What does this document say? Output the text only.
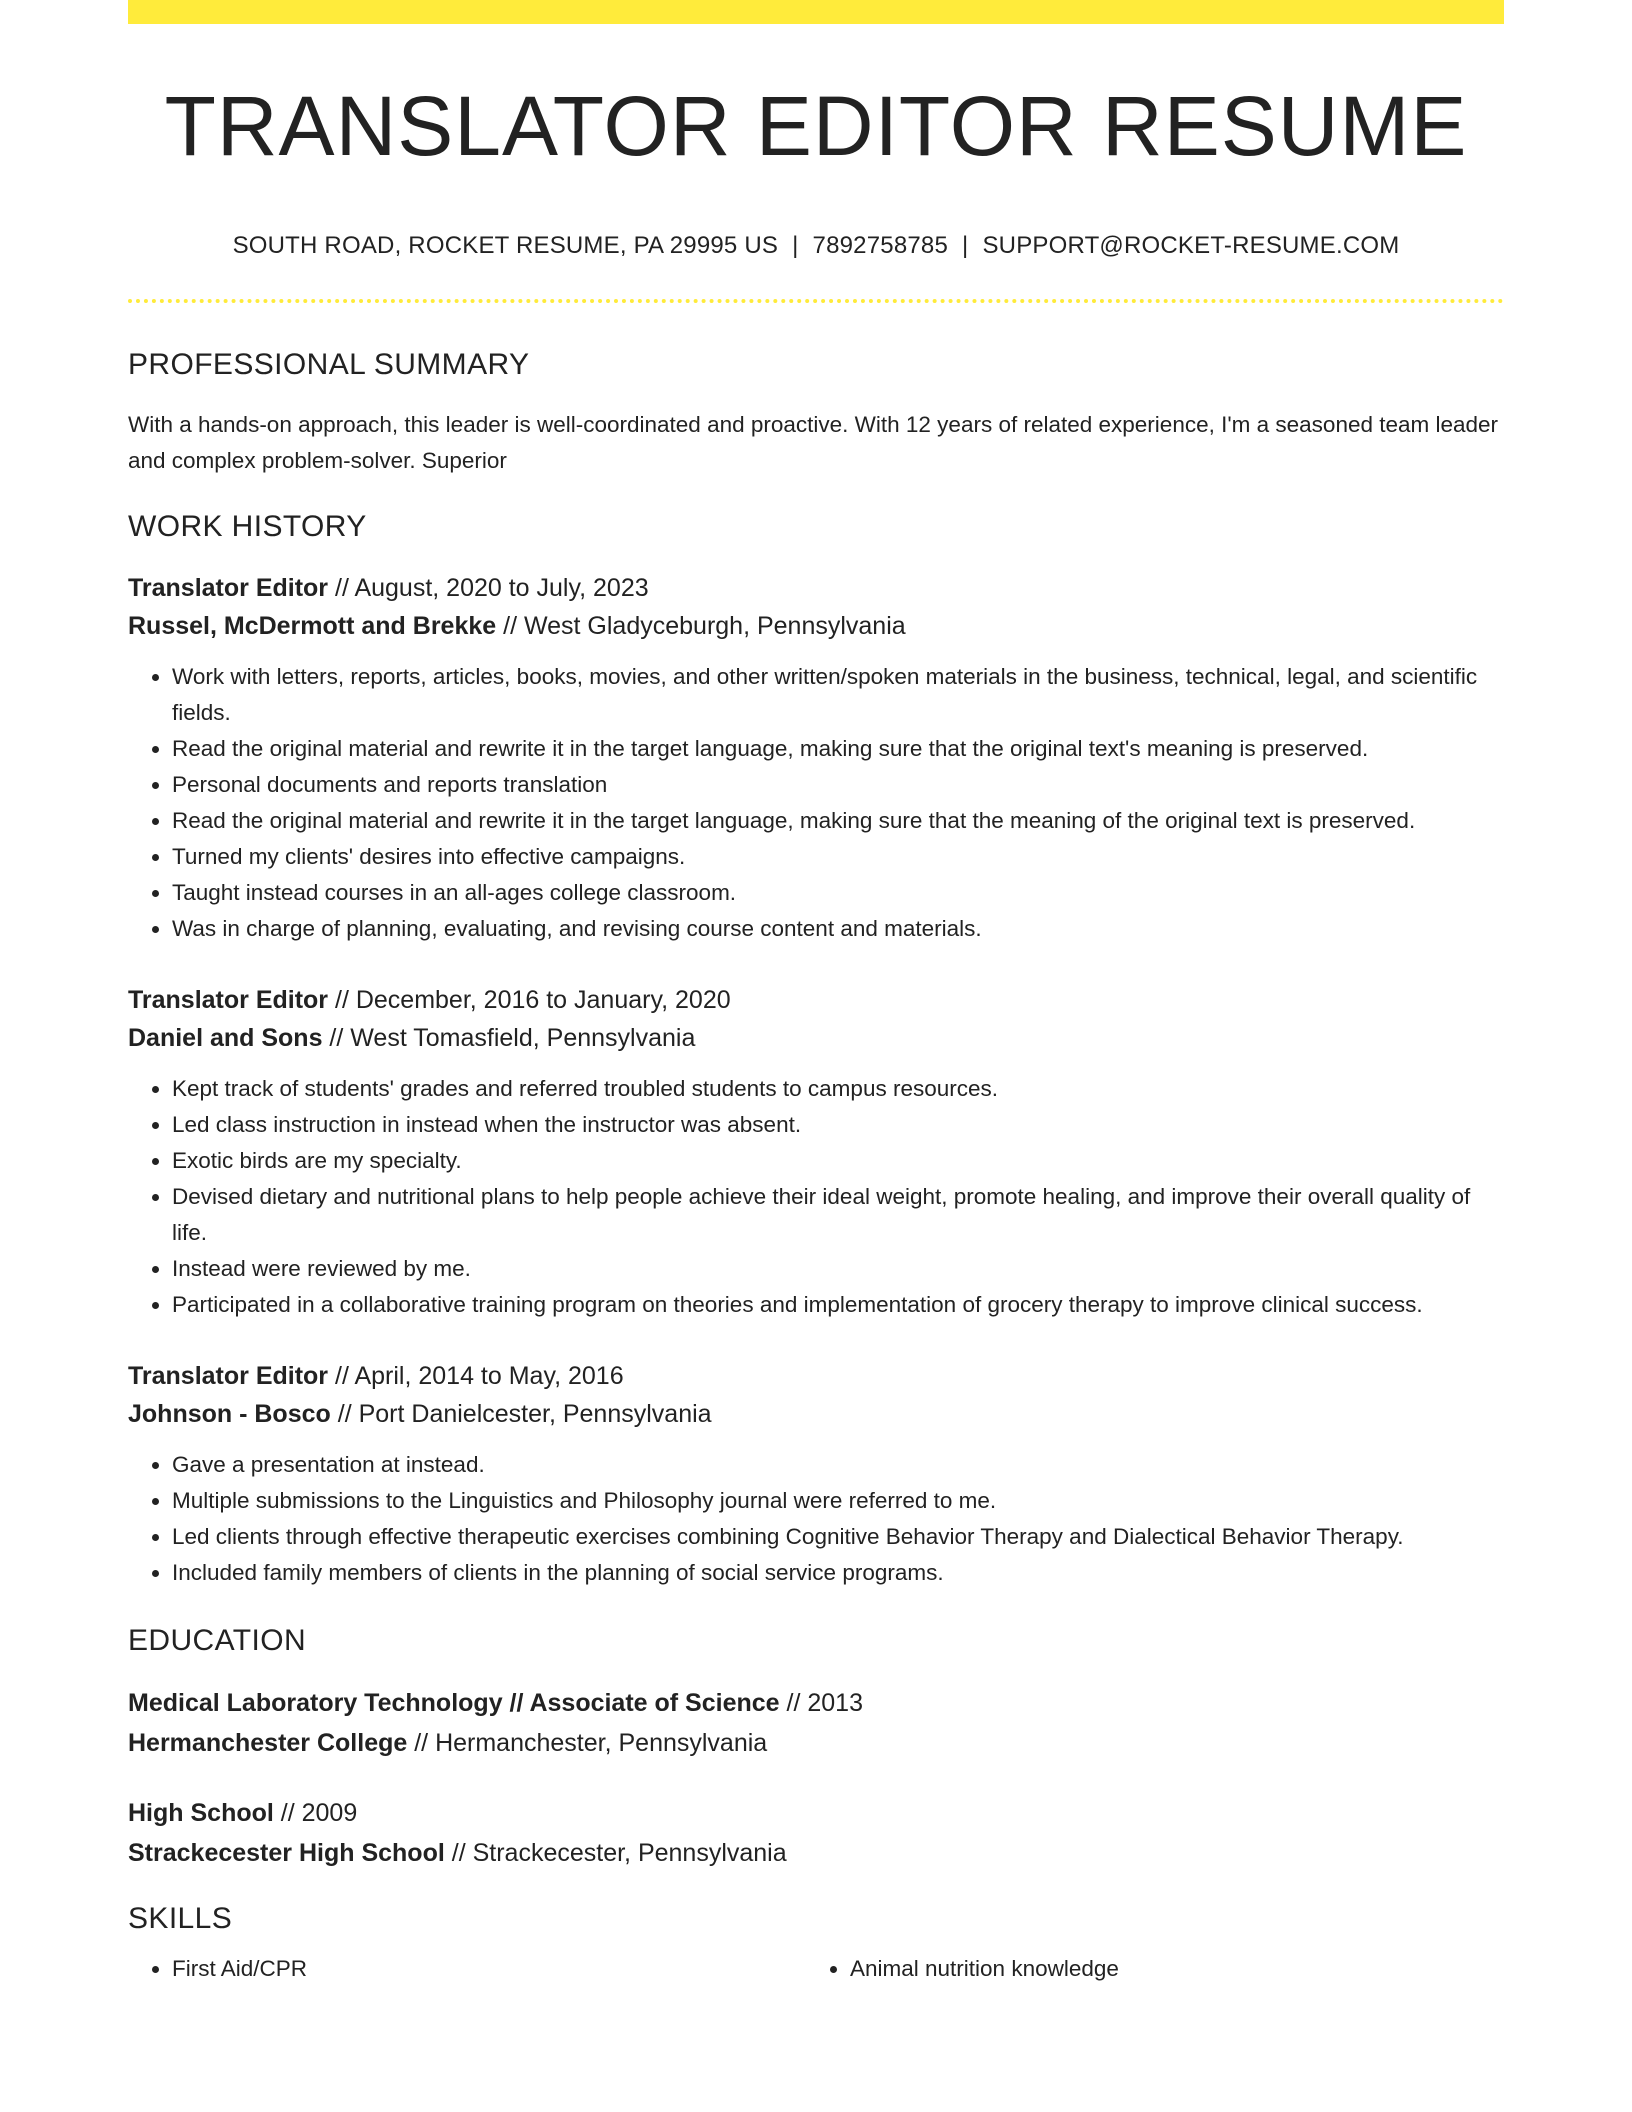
TRANSLATOR EDITOR RESUME
SOUTH ROAD, ROCKET RESUME, PA 29995 US | 7892758785 | SUPPORT@ROCKET-RESUME.COM
PROFESSIONAL SUMMARY
With a hands-on approach, this leader is well-coordinated and proactive. With 12 years of related experience, I'm a seasoned team leader and complex problem-solver. Superior
WORK HISTORY
Translator Editor // August, 2020 to July, 2023
Russel, McDermott and Brekke // West Gladyceburgh, Pennsylvania
• Work with letters, reports, articles, books, movies, and other written/spoken materials in the business, technical, legal, and scientific fields.
• Read the original material and rewrite it in the target language, making sure that the original text's meaning is preserved.
• Personal documents and reports translation
• Read the original material and rewrite it in the target language, making sure that the meaning of the original text is preserved.
• Turned my clients' desires into effective campaigns.
• Taught instead courses in an all-ages college classroom.
• Was in charge of planning, evaluating, and revising course content and materials.
Translator Editor // December, 2016 to January, 2020
Daniel and Sons // West Tomasfield, Pennsylvania
• Kept track of students' grades and referred troubled students to campus resources.
• Led class instruction in instead when the instructor was absent.
• Exotic birds are my specialty.
• Devised dietary and nutritional plans to help people achieve their ideal weight, promote healing, and improve their overall quality of life.
• Instead were reviewed by me.
• Participated in a collaborative training program on theories and implementation of grocery therapy to improve clinical success.
Translator Editor // April, 2014 to May, 2016
Johnson - Bosco // Port Danielcester, Pennsylvania
• Gave a presentation at instead.
• Multiple submissions to the Linguistics and Philosophy journal were referred to me.
• Led clients through effective therapeutic exercises combining Cognitive Behavior Therapy and Dialectical Behavior Therapy.
• Included family members of clients in the planning of social service programs.
EDUCATION
Medical Laboratory Technology // Associate of Science // 2013
Hermanchester College // Hermanchester, Pennsylvania
High School // 2009
Strackecester High School // Strackecester, Pennsylvania
SKILLS
• First Aid/CPR
•	Animal nutrition knowledge
